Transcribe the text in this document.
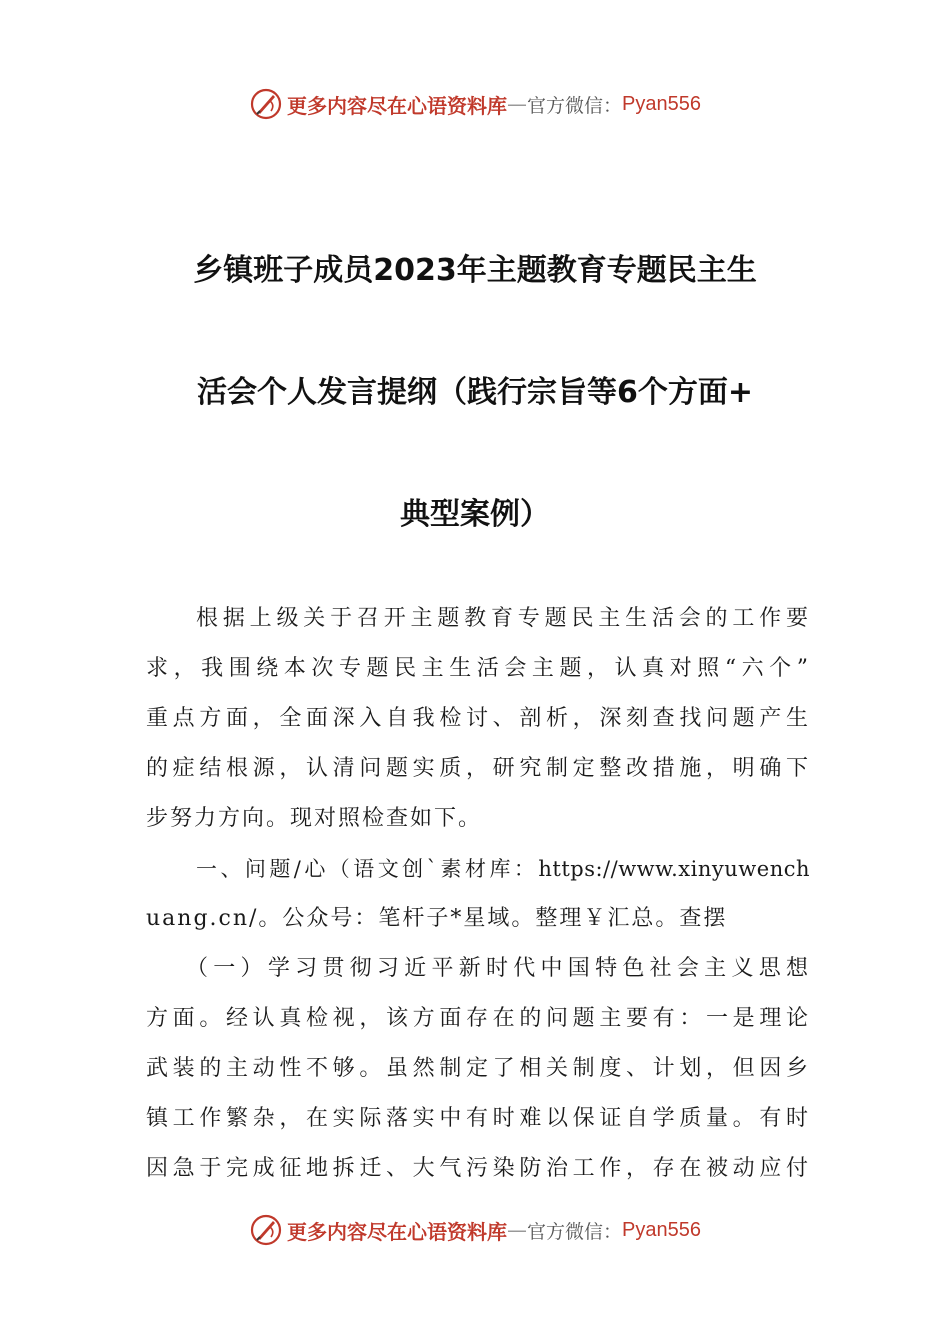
更多内容尽在心语资料库 — 官方微信： Pyan556
乡镇班子成员2023年主题教育专题民主生
活会个人发言提纲（践行宗旨等6个方面+
典型案例）
根据上级关于召开主题教育专题民主生活会的工作要
求，我围绕本次专题民主生活会主题，认真对照“六个”
重点方面，全面深入自我检讨、剖析，深刻查找问题产生
的症结根源，认清问题实质，研究制定整改措施，明确下
步努力方向。现对照检查如下。
一、问题/心（语文创`素材库：https://www.xinyuwench
uang.cn/。公众号：笔杆子*星域。整理￥汇总。查摆
（一）学习贯彻习近平新时代中国特色社会主义思想
方面。经认真检视，该方面存在的问题主要有：一是理论
武装的主动性不够。虽然制定了相关制度、计划，但因乡
镇工作繁杂，在实际落实中有时难以保证自学质量。有时
因急于完成征地拆迁、大气污染防治工作，存在被动应付
更多内容尽在心语资料库 — 官方微信： Pyan556
